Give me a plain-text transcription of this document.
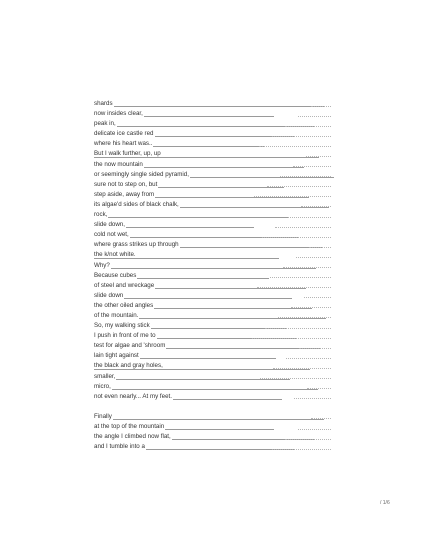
shards
now insides clear,
peak in,
delicate ice castle red
where his heart was..
But I walk further, up, up
the now mountain
or seemingly single sided pyramid,
sure not to step on, but
step aside, away from
its algae'd sides of black chalk,
rock,
slide down,
cold not wet,
where grass strikes up through
the k/not white.
Why?
Because cubes
of steel and wreckage
slide down
the other oiled angles
of the mountain.
So, my walking stick
I push in front of me to
test for algae and 'shroom
lain tight against
the black and gray holes,
smaller,
micro,
not even nearly... At my feet.
Finally
at the top of the mountain
the angle I climbed now flat,
and I tumble into a
/ 1/6
